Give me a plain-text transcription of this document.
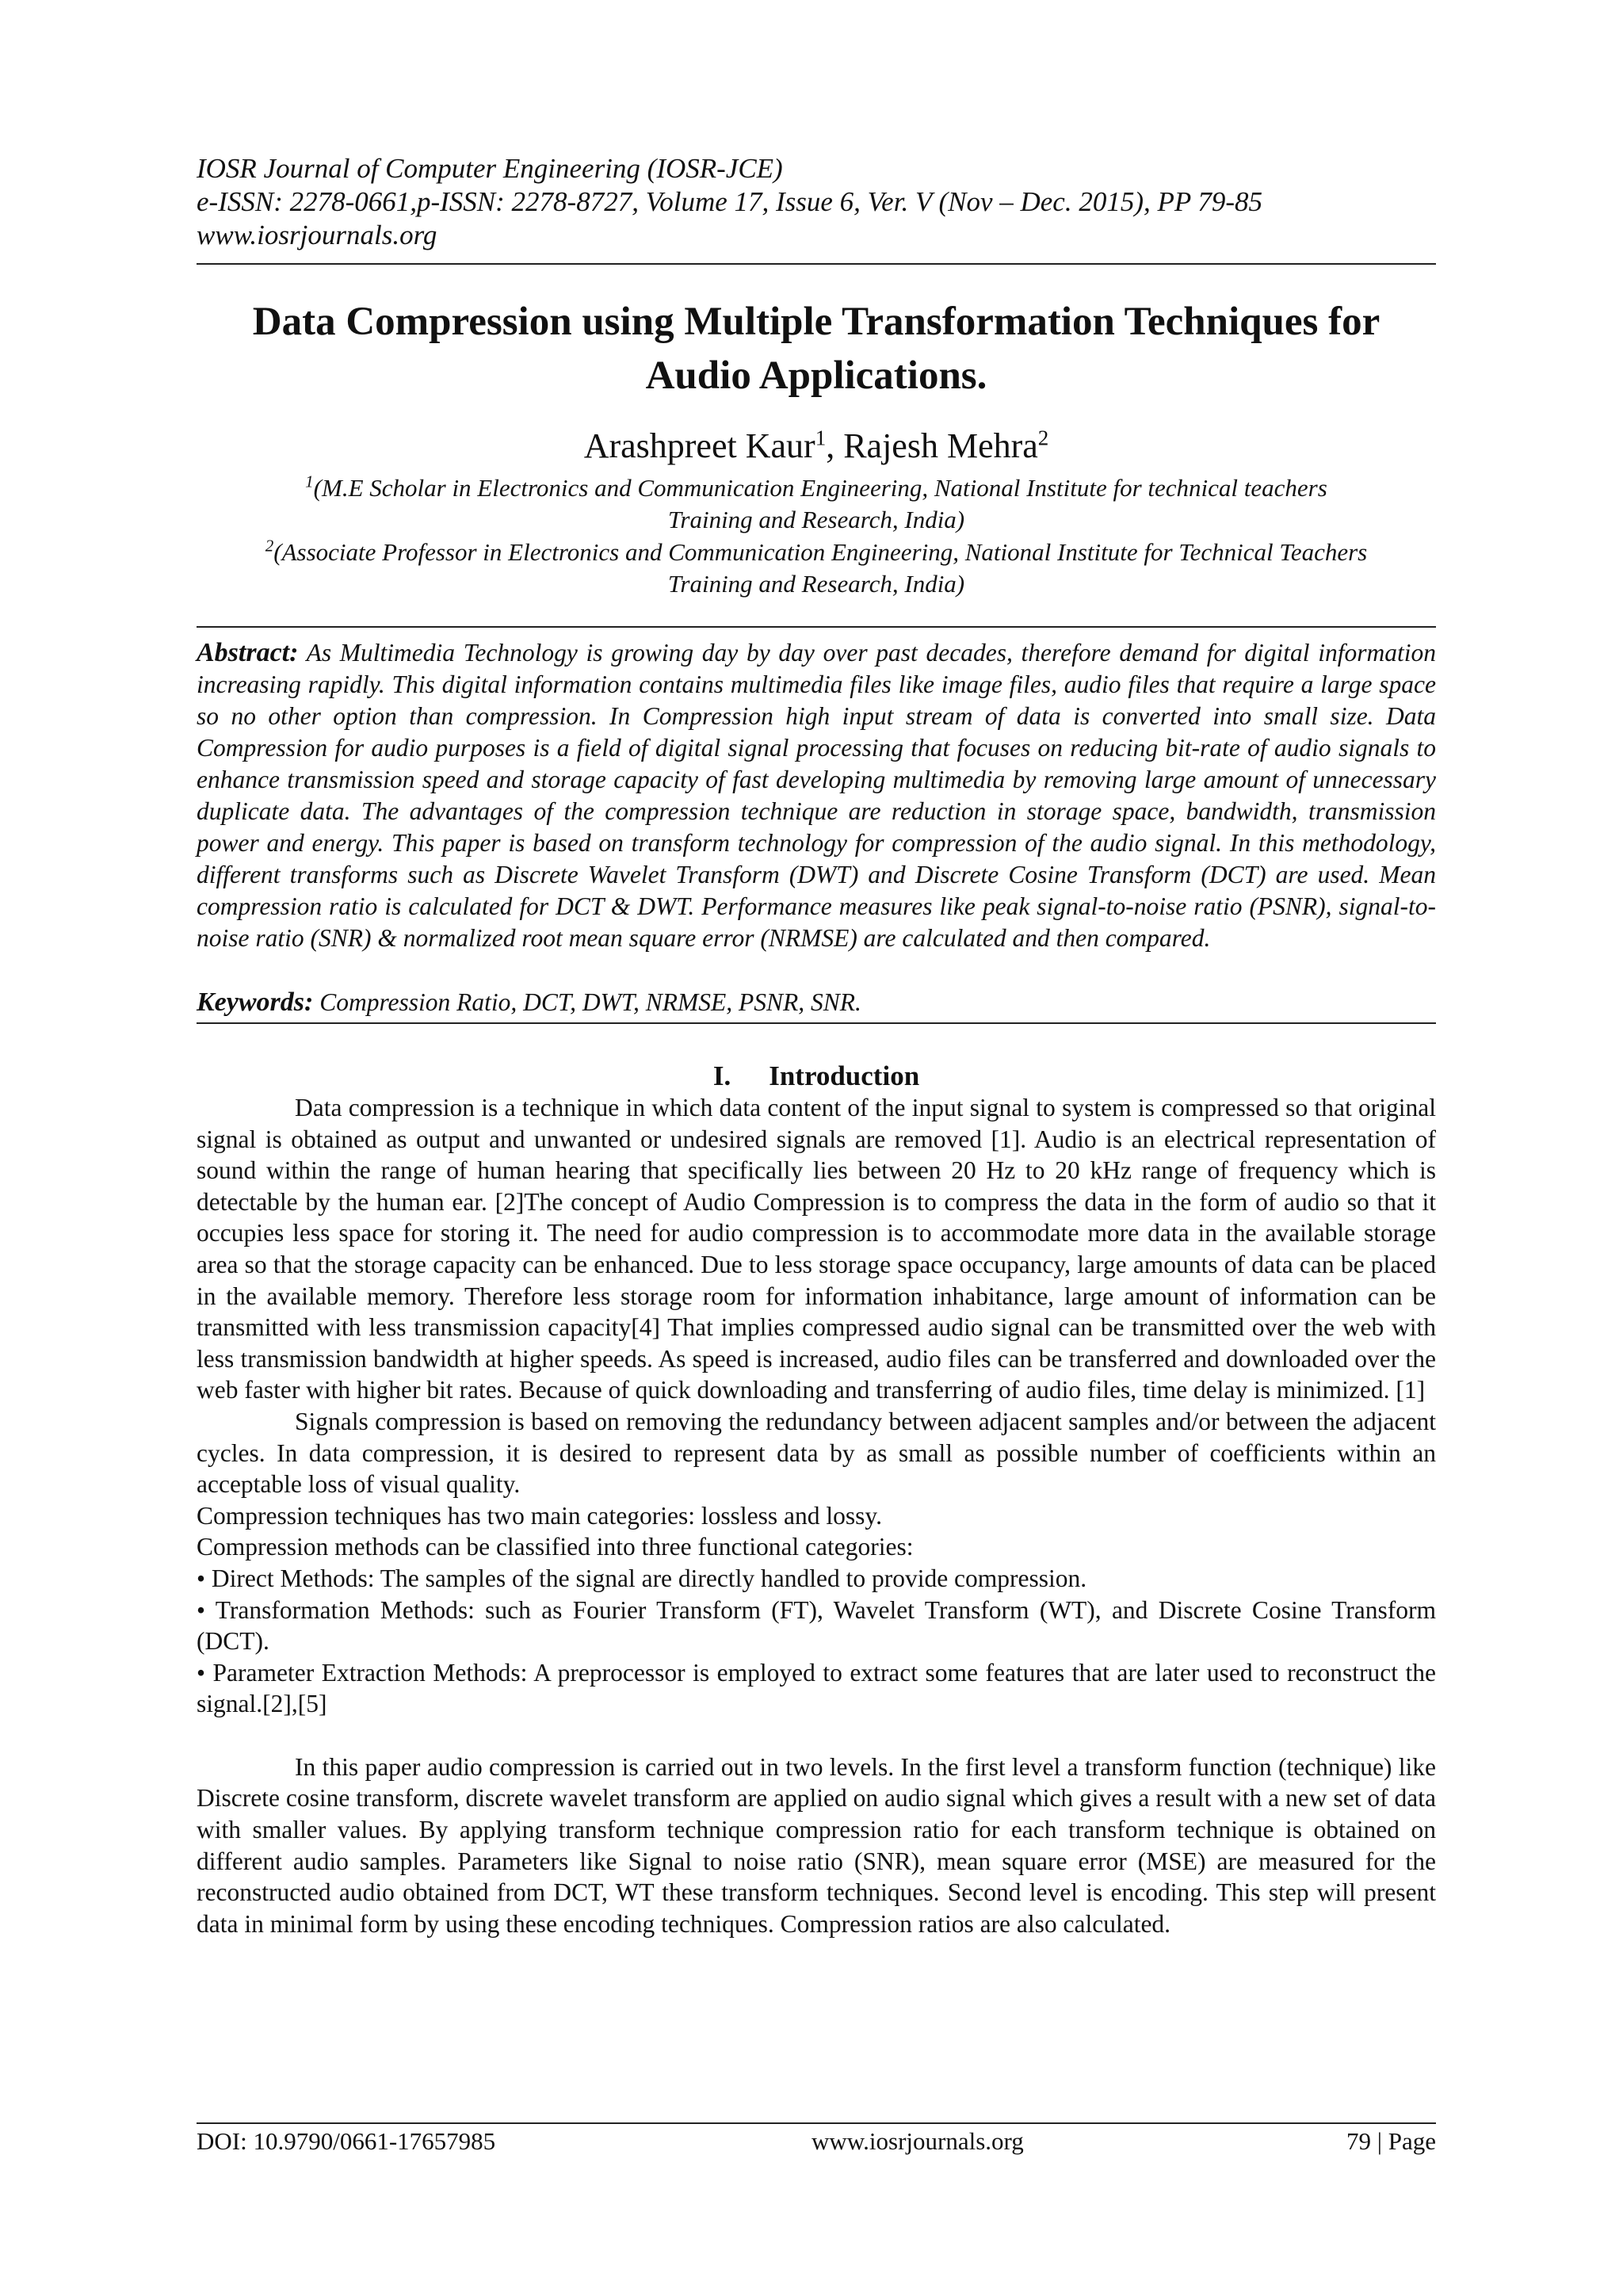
IOSR Journal of Computer Engineering (IOSR-JCE)
e-ISSN: 2278-0661,p-ISSN: 2278-8727, Volume 17, Issue 6, Ver. V (Nov – Dec. 2015), PP 79-85
www.iosrjournals.org
Data Compression using Multiple Transformation Techniques for
Audio Applications.
Arashpreet Kaur$^1$, Rajesh Mehra$^2$
$^1$(M.E Scholar in Electronics and Communication Engineering, National Institute for technical teachers
Training and Research, India)
$^2$(Associate Professor in Electronics and Communication Engineering, National Institute for Technical Teachers
Training and Research, India)
Abstract: As Multimedia Technology is growing day by day over past decades, therefore demand for digital information increasing rapidly. This digital information contains multimedia files like image files, audio files that require a large space so no other option than compression. In Compression high input stream of data is converted into small size. Data Compression for audio purposes is a field of digital signal processing that focuses on reducing bit-rate of audio signals to enhance transmission speed and storage capacity of fast developing multimedia by removing large amount of unnecessary duplicate data. The advantages of the compression technique are reduction in storage space, bandwidth, transmission power and energy. This paper is based on transform technology for compression of the audio signal. In this methodology, different transforms such as Discrete Wavelet Transform (DWT) and Discrete Cosine Transform (DCT) are used. Mean compression ratio is calculated for DCT & DWT. Performance measures like peak signal-to-noise ratio (PSNR), signal-to-noise ratio (SNR) & normalized root mean square error (NRMSE) are calculated and then compared.
Keywords: Compression Ratio, DCT, DWT, NRMSE, PSNR, SNR.
I. Introduction

Data compression is a technique in which data content of the input signal to system is compressed so that original signal is obtained as output and unwanted or undesired signals are removed [1]. Audio is an electrical representation of sound within the range of human hearing that specifically lies between 20 Hz to 20 kHz range of frequency which is detectable by the human ear. [2]The concept of Audio Compression is to compress the data in the form of audio so that it occupies less space for storing it. The need for audio compression is to accommodate more data in the available storage area so that the storage capacity can be enhanced. Due to less storage space occupancy, large amounts of data can be placed in the available memory. Therefore less storage room for information inhabitance, large amount of information can be transmitted with less transmission capacity[4] That implies compressed audio signal can be transmitted over the web with less transmission bandwidth at higher speeds. As speed is increased, audio files can be transferred and downloaded over the web faster with higher bit rates. Because of quick downloading and transferring of audio files, time delay is minimized. [1]

Signals compression is based on removing the redundancy between adjacent samples and/or between the adjacent cycles. In data compression, it is desired to represent data by as small as possible number of coefficients within an acceptable loss of visual quality.

Compression techniques has two main categories: lossless and lossy.

Compression methods can be classified into three functional categories:

• Direct Methods: The samples of the signal are directly handled to provide compression.

• Transformation Methods: such as Fourier Transform (FT), Wavelet Transform (WT), and Discrete Cosine Transform (DCT).

• Parameter Extraction Methods: A preprocessor is employed to extract some features that are later used to reconstruct the signal.[2],[5]

In this paper audio compression is carried out in two levels. In the first level a transform function (technique) like Discrete cosine transform, discrete wavelet transform are applied on audio signal which gives a result with a new set of data with smaller values. By applying transform technique compression ratio for each transform technique is obtained on different audio samples. Parameters like Signal to noise ratio (SNR), mean square error (MSE) are measured for the reconstructed audio obtained from DCT, WT these transform techniques. Second level is encoding. This step will present data in minimal form by using these encoding techniques. Compression ratios are also calculated.

DOI: 10.9790/0661-17657985	www.iosrjournals.org	79 | Page
